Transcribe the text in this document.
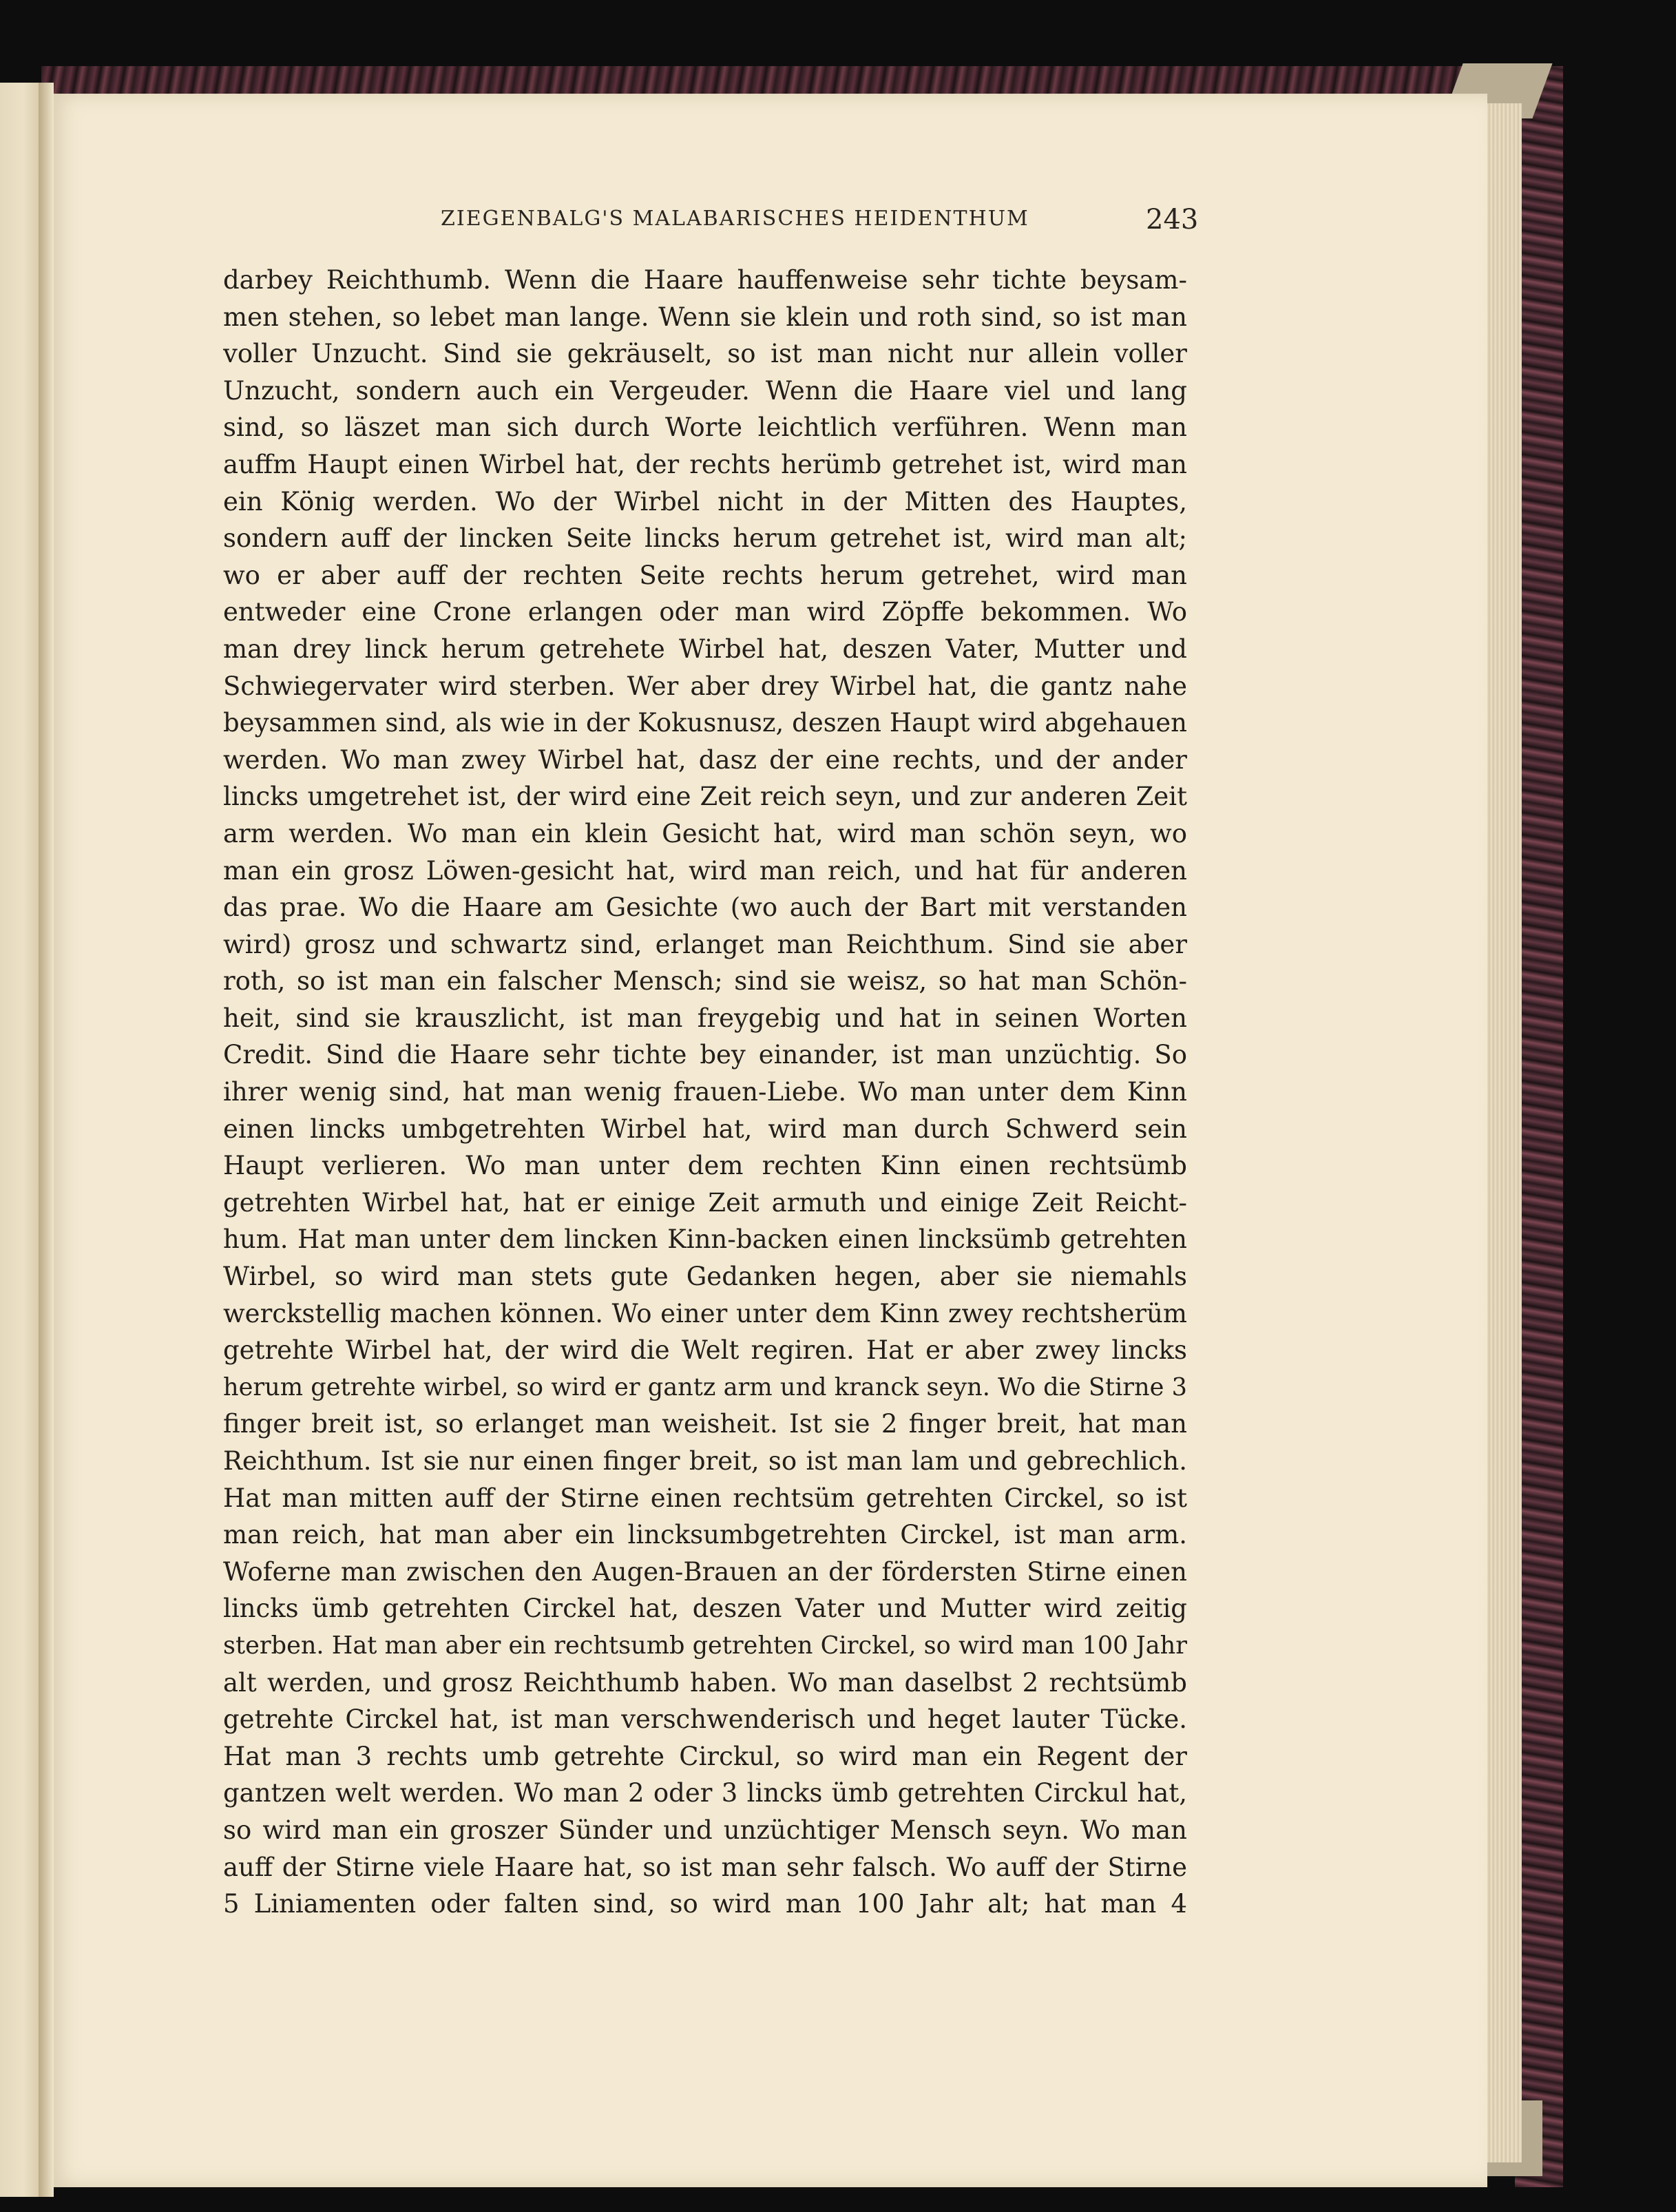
ZIEGENBALG'S MALABARISCHES HEIDENTHUM	243
darbey Reichthumb. Wenn die Haare hauffenweise sehr tichte beysam-
men stehen, so lebet man lange. Wenn sie klein und roth sind, so ist man
voller Unzucht. Sind sie gekräuselt, so ist man nicht nur allein voller
Unzucht, sondern auch ein Vergeuder. Wenn die Haare viel und lang
sind, so läszet man sich durch Worte leichtlich verführen. Wenn man
auffm Haupt einen Wirbel hat, der rechts herümb getrehet ist, wird man
ein König werden. Wo der Wirbel nicht in der Mitten des Hauptes,
sondern auff der lincken Seite lincks herum getrehet ist, wird man alt;
wo er aber auff der rechten Seite rechts herum getrehet, wird man
entweder eine Crone erlangen oder man wird Zöpffe bekommen. Wo
man drey linck herum getrehete Wirbel hat, deszen Vater, Mutter und
Schwiegervater wird sterben. Wer aber drey Wirbel hat, die gantz nahe
beysammen sind, als wie in der Kokusnusz, deszen Haupt wird abgehauen
werden. Wo man zwey Wirbel hat, dasz der eine rechts, und der ander
lincks umgetrehet ist, der wird eine Zeit reich seyn, und zur anderen Zeit
arm werden. Wo man ein klein Gesicht hat, wird man schön seyn, wo
man ein grosz Löwen-gesicht hat, wird man reich, und hat für anderen
das prae. Wo die Haare am Gesichte (wo auch der Bart mit verstanden
wird) grosz und schwartz sind, erlanget man Reichthum. Sind sie aber
roth, so ist man ein falscher Mensch; sind sie weisz, so hat man Schön-
heit, sind sie krauszlicht, ist man freygebig und hat in seinen Worten
Credit. Sind die Haare sehr tichte bey einander, ist man unzüchtig. So
ihrer wenig sind, hat man wenig frauen-Liebe. Wo man unter dem Kinn
einen lincks umbgetrehten Wirbel hat, wird man durch Schwerd sein
Haupt verlieren. Wo man unter dem rechten Kinn einen rechtsümb
getrehten Wirbel hat, hat er einige Zeit armuth und einige Zeit Reicht-
hum. Hat man unter dem lincken Kinn-backen einen lincksümb getrehten
Wirbel, so wird man stets gute Gedanken hegen, aber sie niemahls
werckstellig machen können. Wo einer unter dem Kinn zwey rechtsherüm
getrehte Wirbel hat, der wird die Welt regiren. Hat er aber zwey lincks
herum getrehte wirbel, so wird er gantz arm und kranck seyn. Wo die Stirne 3
finger breit ist, so erlanget man weisheit. Ist sie 2 finger breit, hat man
Reichthum. Ist sie nur einen finger breit, so ist man lam und gebrechlich.
Hat man mitten auff der Stirne einen rechtsüm getrehten Circkel, so ist
man reich, hat man aber ein lincksumbgetrehten Circkel, ist man arm.
Woferne man zwischen den Augen-Brauen an der fördersten Stirne einen
lincks ümb getrehten Circkel hat, deszen Vater und Mutter wird zeitig
sterben. Hat man aber ein rechtsumb getrehten Circkel, so wird man 100 Jahr
alt werden, und grosz Reichthumb haben. Wo man daselbst 2 rechtsümb
getrehte Circkel hat, ist man verschwenderisch und heget lauter Tücke.
Hat man 3 rechts umb getrehte Circkul, so wird man ein Regent der
gantzen welt werden. Wo man 2 oder 3 lincks ümb getrehten Circkul hat,
so wird man ein groszer Sünder und unzüchtiger Mensch seyn. Wo man
auff der Stirne viele Haare hat, so ist man sehr falsch. Wo auff der Stirne
5 Liniamenten oder falten sind, so wird man 100 Jahr alt; hat man 4
